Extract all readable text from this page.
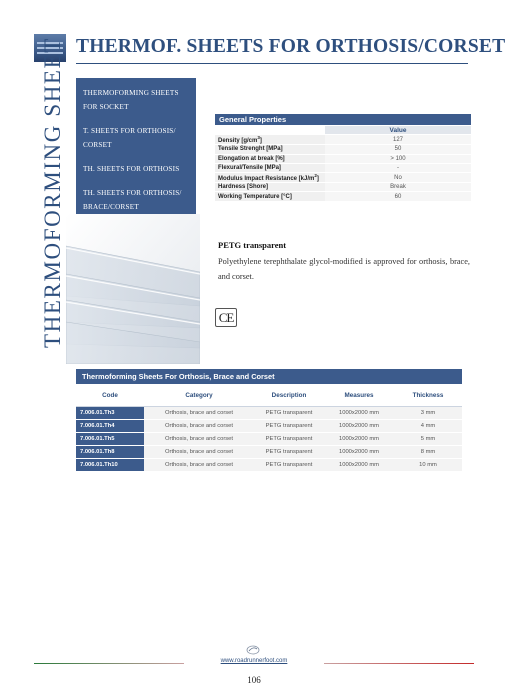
THERMOF. SHEETS FOR ORTHOSIS/CORSET
THERMOFORMING SHEET	THERMOFORMING SHEETS FOR SOCKET
T. SHEETS FOR ORTHOSIS/ CORSET
TH. SHEETS FOR ORTHOSIS
TH. SHEETS FOR ORTHOSIS/ BRACE/CORSET
General Properties	
	Value
Density $[g/cm^3]$	127
Tensile Strenght [MPa]	50
Elongation at break [%]	> 100
Flexural/Tensile [MPa]	-
Modulus Impact Resistance $[kJ/m^2]$	No
Hardness [Shore]	Break
Working Temperature [°C]	60
PETG transparent
Polyethylene terephthalate glycol-modified is approved for orthosis, brace, and corset.
CE
Thermoforming Sheets For Orthosis, Brace and Corset				
Code	Category	Description	Measures	Thickness
7.006.01.Th3	Orthosis, brace and corset	PETG transparent	1000x2000 mm	3 mm
7.006.01.Th4	Orthosis, brace and corset	PETG transparent	1000x2000 mm	4 mm
7.006.01.Th5	Orthosis, brace and corset	PETG transparent	1000x2000 mm	5 mm
7.006.01.Th8	Orthosis, brace and corset	PETG transparent	1000x2000 mm	8 mm
7.006.01.Th10	Orthosis, brace and corset	PETG transparent	1000x2000 mm	10 mm
www.roadrunnerfoot.com
106
